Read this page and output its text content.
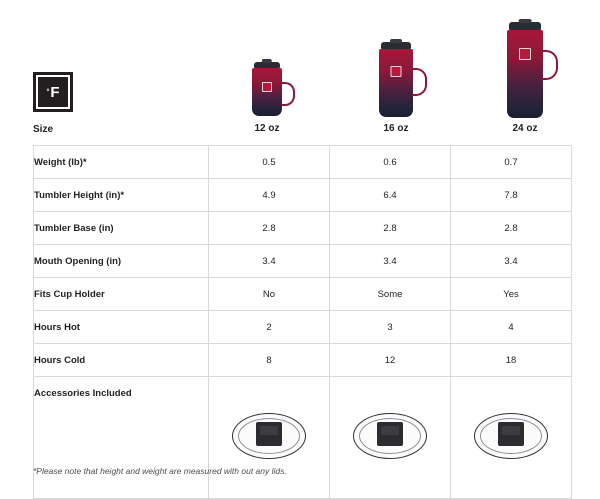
° F
Size	12 oz	16 oz	24 oz
Weight (lb)*	0.5	0.6	0.7
Tumbler Height (in)*	4.9	6.4	7.8
Tumbler Base (in)	2.8	2.8	2.8
Mouth Opening (in)	3.4	3.4	3.4
Fits Cup Holder	No	Some	Yes
Hours Hot	2	3	4
Hours Cold	8	12	18
Accessories Included	

*Please note that height and weight are measured with out any lids.
